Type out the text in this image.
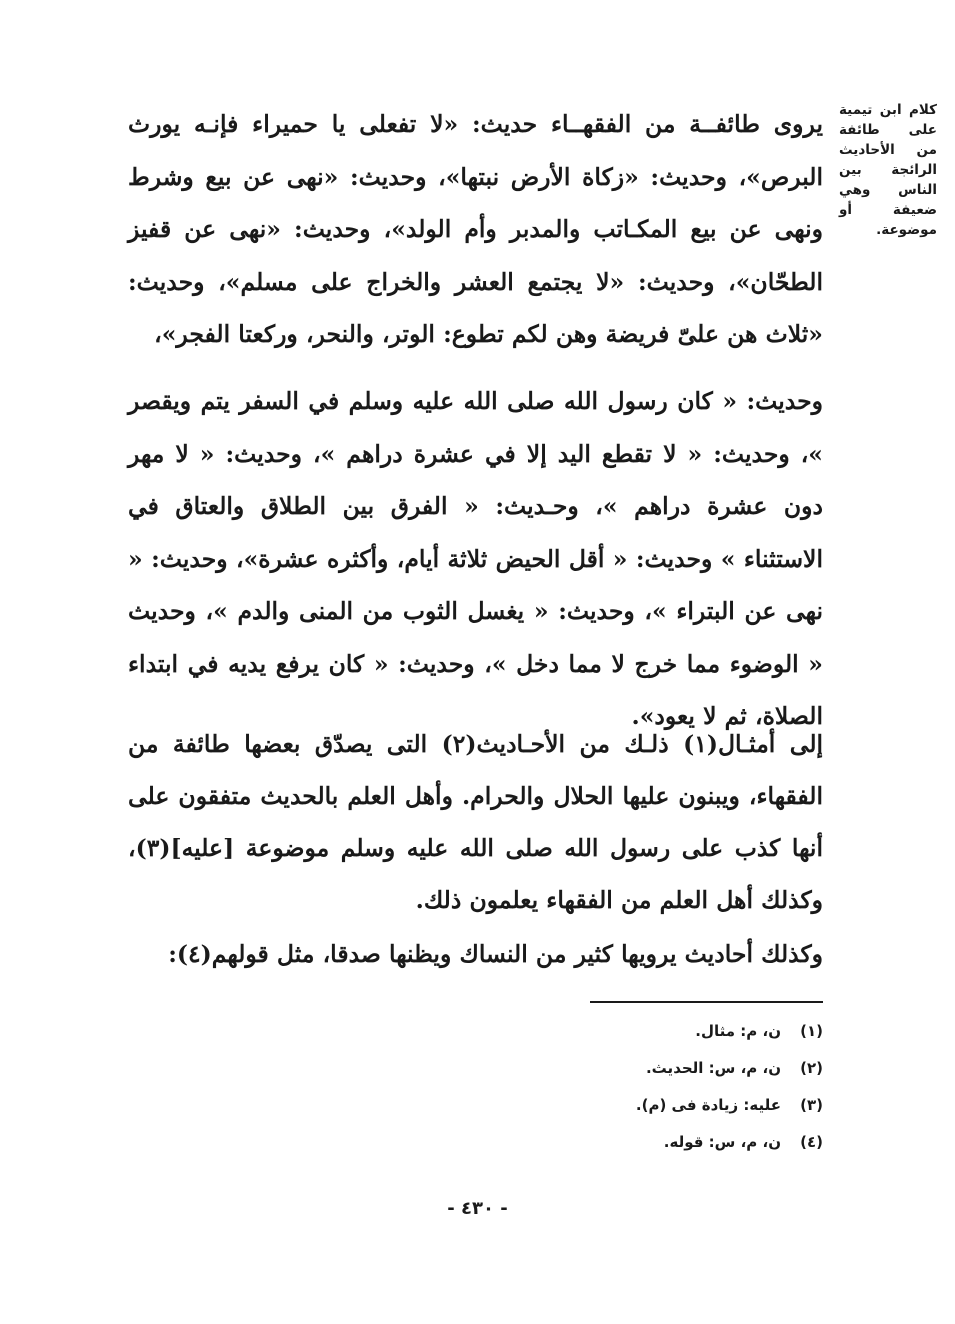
كلام ابن تيمية على طائفة من الأحاديث الرائجة بين الناس وهي ضعيفة أو موضوعة.

يروى طائفــة من الفقهــاء حديث: «لا تفعلى يا حميراء فإنـه يورث البرص»، وحديث: «زكاة الأرض نبتها»، وحديث: «نهى عن بيع وشرط ونهى عن بيع المكـاتب والمدبر وأم الولد»، وحديث: «نهى عن قفيز الطحّان»، وحديث: «لا يجتمع العشر والخراج على مسلم»، وحديث: «ثلاث هن علىّ فريضة وهن لكم تطوع: الوتر، والنحر، وركعتا الفجر»،

وحديث: « كان رسول الله صلى الله عليه وسلم في السفر يتم ويقصر »، وحديث: « لا تقطع اليد إلا في عشرة دراهم »، وحديث: « لا مهر دون عشرة دراهم »، وحـديث: « الفرق بين الطلاق والعتاق في الاستثناء » وحديث: « أقل الحيض ثلاثة أيام، وأكثره عشرة»، وحديث: « نهى عن البتراء »، وحديث: « يغسل الثوب من المنى والدم »، وحديث « الوضوء مما خرج لا مما دخل »، وحديث: « كان يرفع يديه في ابتداء الصلاة، ثم لا يعود».

إلى أمثـال(١) ذلـك من الأحـاديث(٢) التى يصدّق بعضها طائفة من الفقهاء، ويبنون عليها الحلال والحرام. وأهل العلم بالحديث متفقون على أنها كذب على رسول الله صلى الله عليه وسلم موضوعة [عليه](٣)، وكذلك أهل العلم من الفقهاء يعلمون ذلك.

وكذلك أحاديث يرويها كثير من النساك ويظنها صدقا، مثل قولهم(٤):

(١)
ن، م: مثال.
(٢)
ن، م، س: الحديث.
(٣)
عليه: زيادة فى (م).
(٤)
ن، م، س: قوله.
- ٤٣٠ -
